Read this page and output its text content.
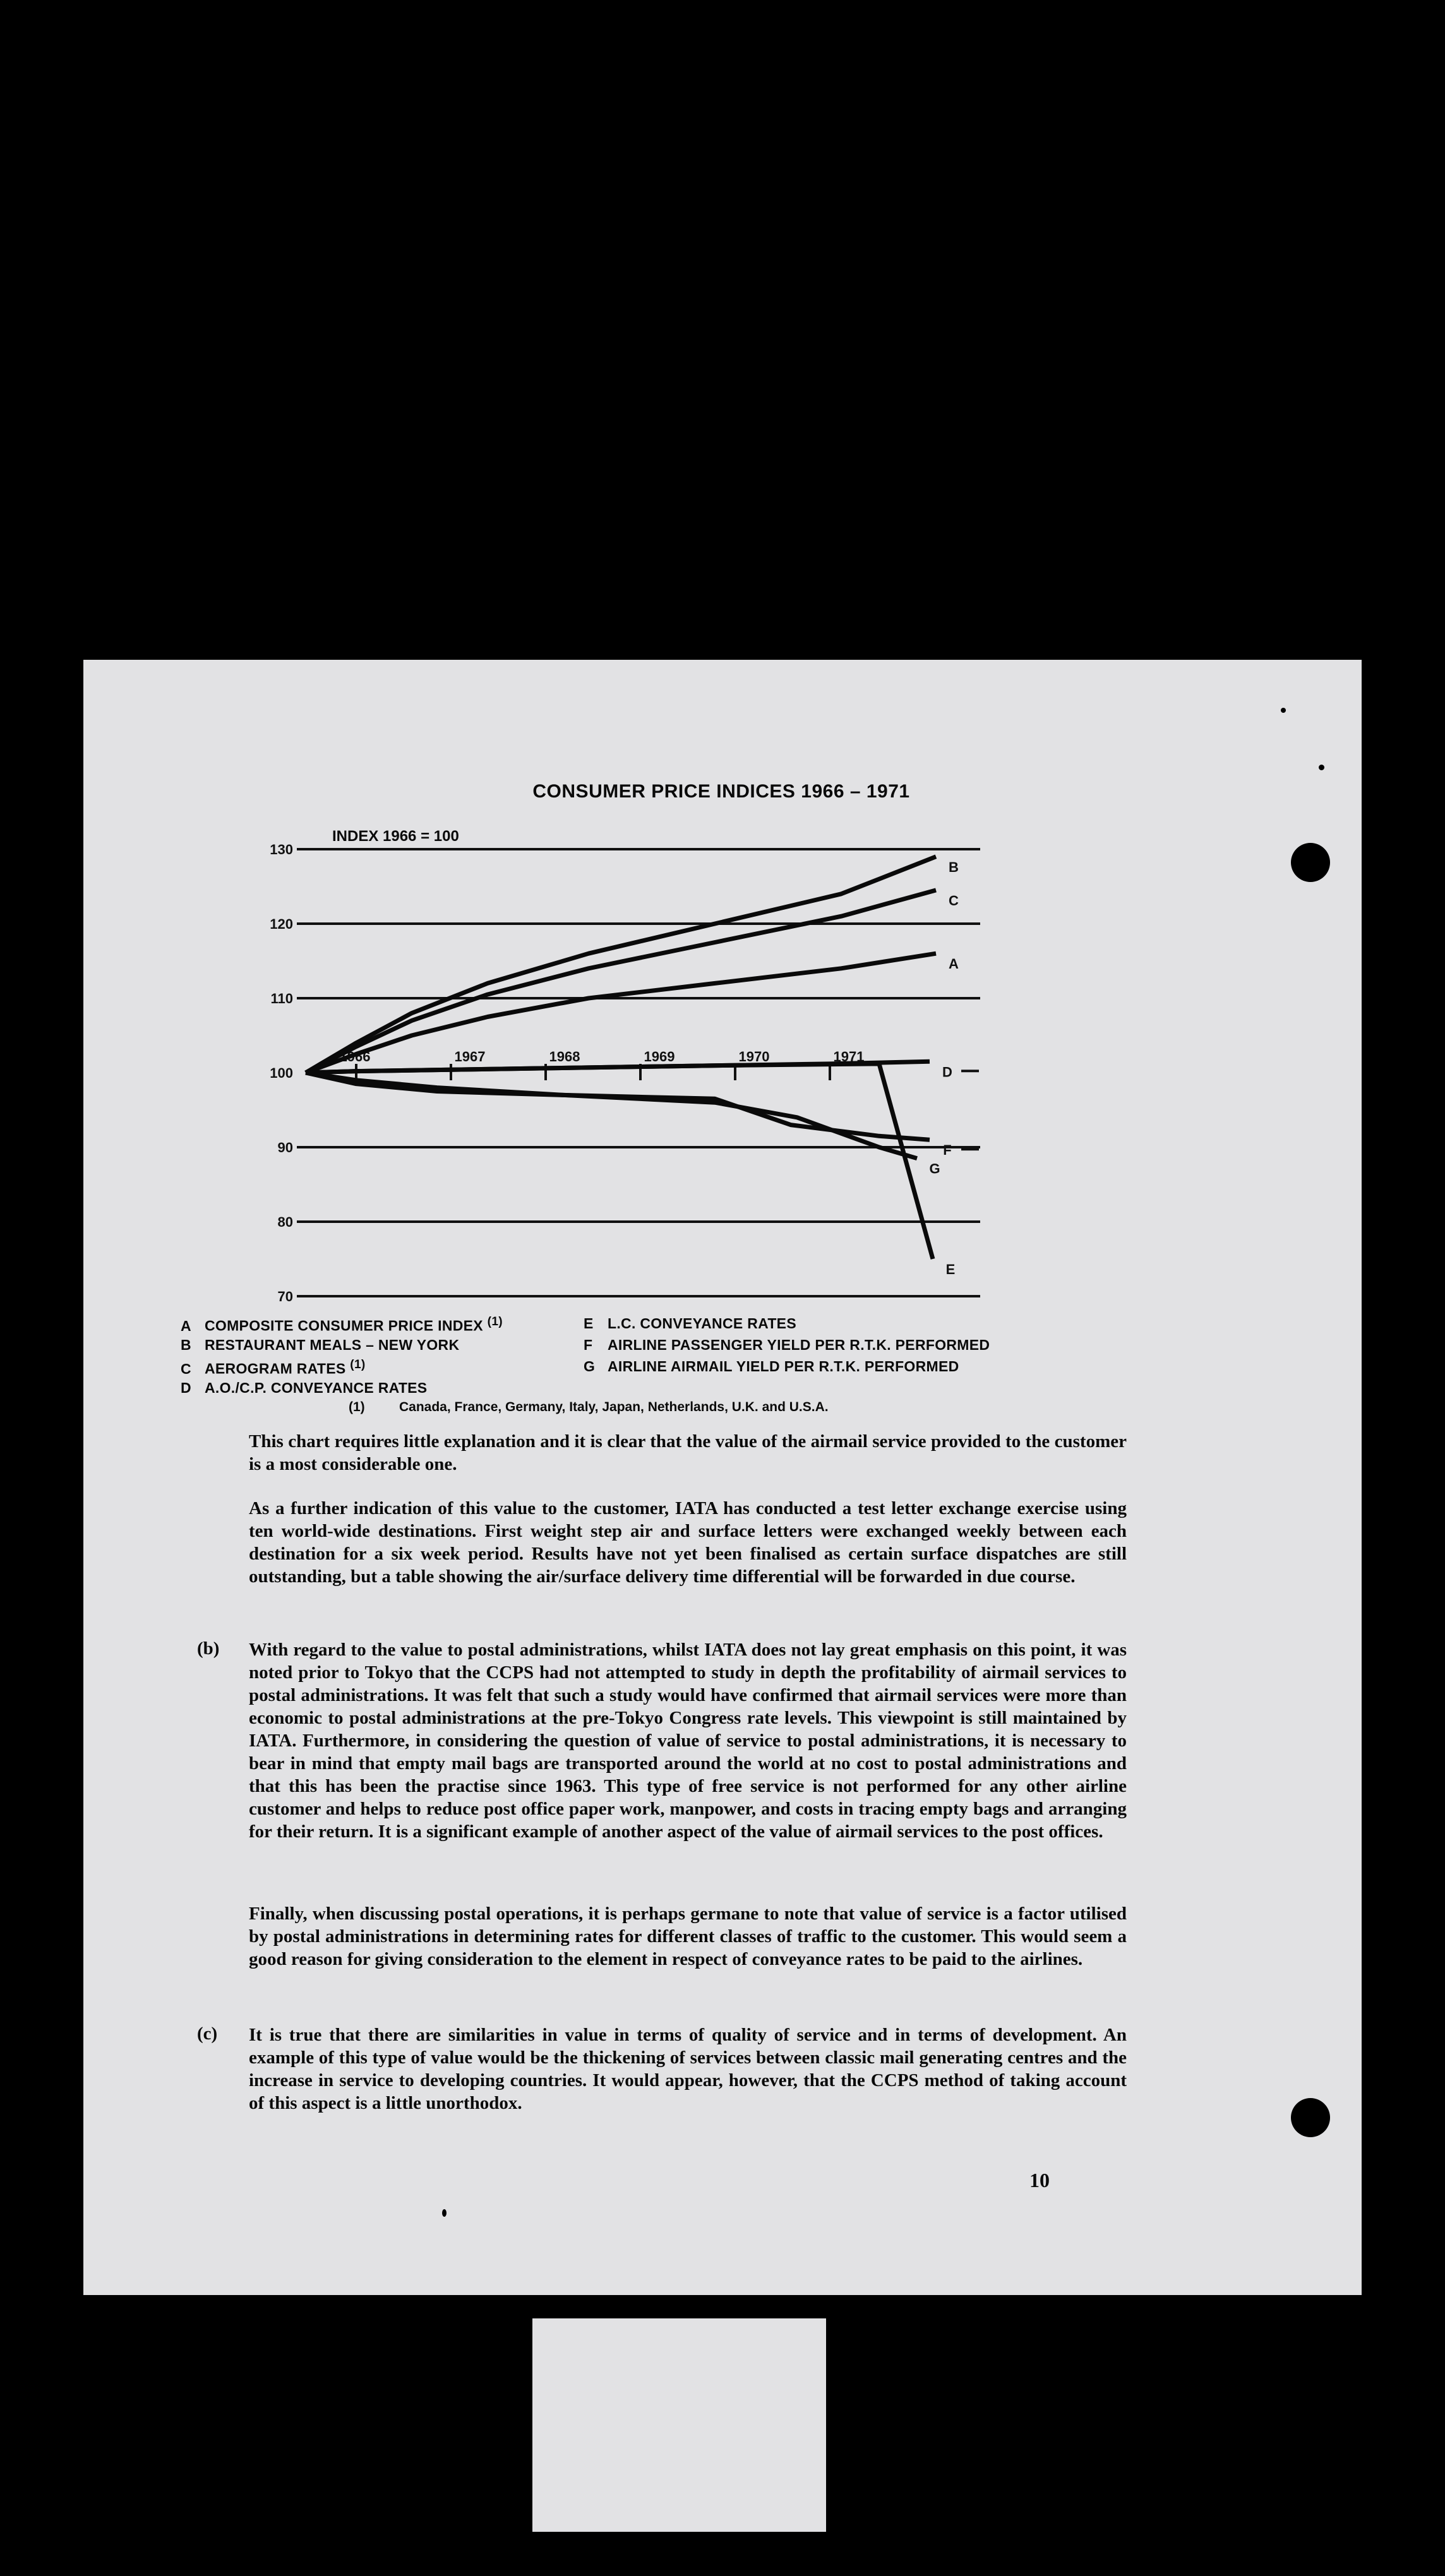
CONSUMER PRICE INDICES 1966 – 1971
INDEX 1966 = 100
130
120
110
100
90
80
70
1966	1967	1968	1969	1970	1971
B
C
A
D
F
G
E
A COMPOSITE CONSUMER PRICE INDEX $^{(1)}$
B RESTAURANT MEALS – NEW YORK
C AEROGRAM RATES $^{(1)}$
D A.O./C.P. CONVEYANCE RATES
E L.C. CONVEYANCE RATES
F AIRLINE PASSENGER YIELD PER R.T.K. PERFORMED
G AIRLINE AIRMAIL YIELD PER R.T.K. PERFORMED
(1)	Canada, France, Germany, Italy, Japan, Netherlands, U.K. and U.S.A.
This chart requires little explanation and it is clear that the value of the airmail service provided to the customer is a most considerable one.
As a further indication of this value to the customer, IATA has conducted a test letter exchange exercise using ten world-wide destinations. First weight step air and surface letters were exchanged weekly between each destination for a six week period. Results have not yet been finalised as certain surface dispatches are still outstanding, but a table showing the air/surface delivery time differential will be forwarded in due course.
(b) With regard to the value to postal administrations, whilst IATA does not lay great emphasis on this point, it was noted prior to Tokyo that the CCPS had not attempted to study in depth the profitability of airmail services to postal administrations. It was felt that such a study would have confirmed that airmail services were more than economic to postal administrations at the pre-Tokyo Congress rate levels. This viewpoint is still maintained by IATA. Furthermore, in considering the question of value of service to postal administrations, it is necessary to bear in mind that empty mail bags are transported around the world at no cost to postal administrations and that this has been the practise since 1963. This type of free service is not performed for any other airline customer and helps to reduce post office paper work, manpower, and costs in tracing empty bags and arranging for their return. It is a significant example of another aspect of the value of airmail services to the post offices.
Finally, when discussing postal operations, it is perhaps germane to note that value of service is a factor utilised by postal administrations in determining rates for different classes of traffic to the customer. This would seem a good reason for giving consideration to the element in respect of conveyance rates to be paid to the airlines.
(c) It is true that there are similarities in value in terms of quality of service and in terms of development. An example of this type of value would be the thickening of services between classic mail generating centres and the increase in service to developing countries. It would appear, however, that the CCPS method of taking account of this aspect is a little unorthodox.
10
